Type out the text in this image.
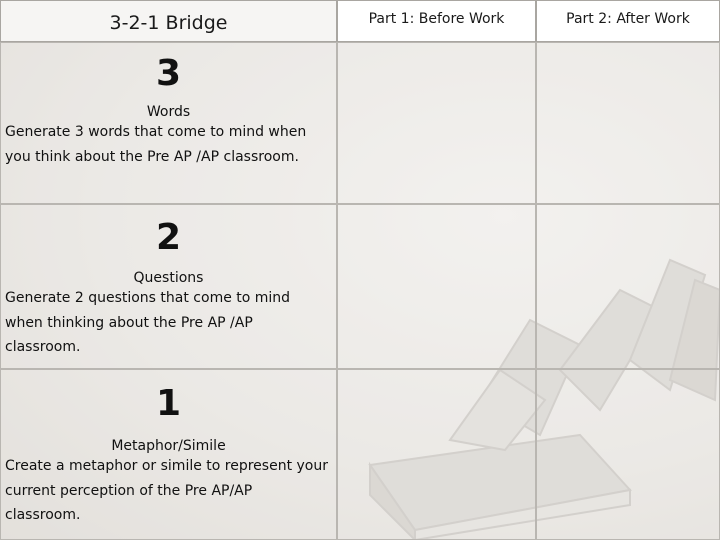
3-2-1 Bridge	Part 1: Before Work	Part 2: After Work
3
Words
Generate 3 words that come to mind when you think about the Pre AP /AP classroom.
2
Questions
Generate 2 questions that come to mind when thinking about the Pre AP /AP classroom.
1
Metaphor/Simile
Create a metaphor or simile to represent your current perception of the Pre AP/AP classroom.
